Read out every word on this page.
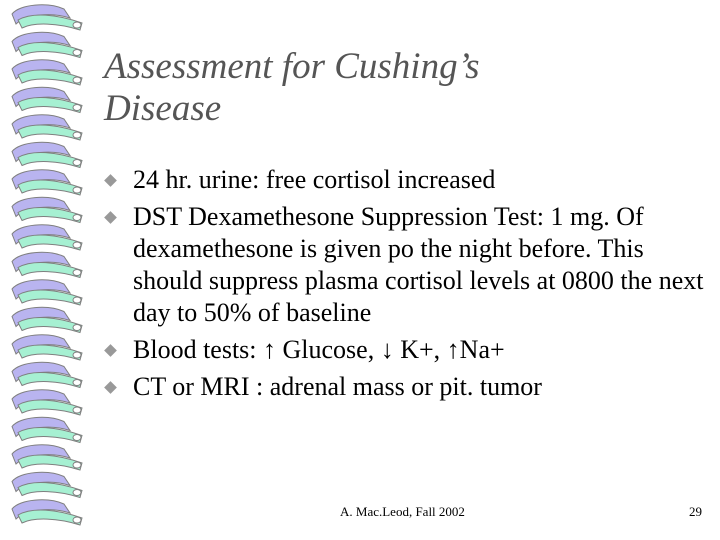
Assessment for Cushing’s
Disease
24 hr. urine: free cortisol increased
DST Dexamethesone Suppression Test: 1 mg. Of dexamethesone is given po the night before. This should suppress plasma cortisol levels at 0800 the next day to 50% of baseline
Blood tests: ↑ Glucose, ↓ K+, ↑Na+
CT or MRI : adrenal mass or pit. tumor
A. Mac.Leod, Fall 2002	29
